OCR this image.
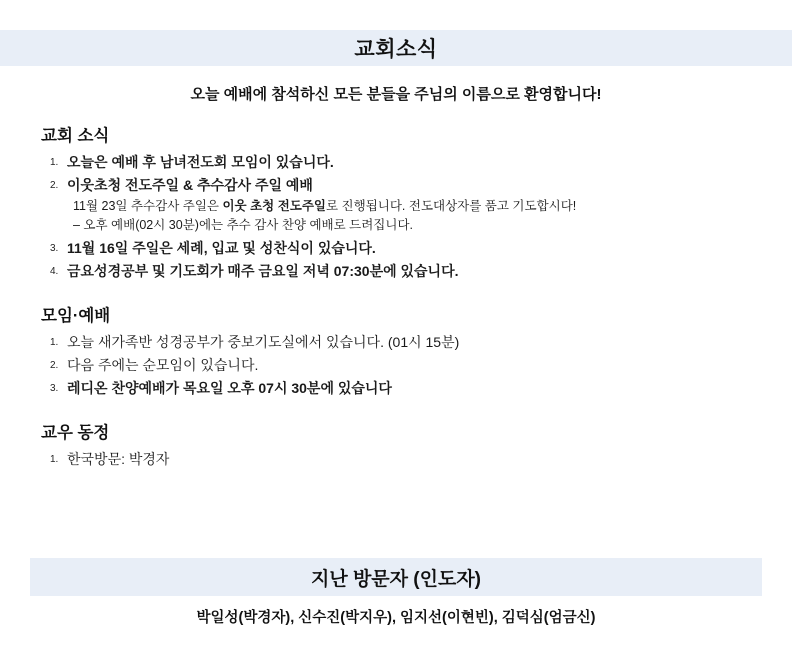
교회소식
오늘 예배에 참석하신 모든 분들을 주님의 이름으로 환영합니다!
교회 소식
1. 오늘은 예배 후 남녀전도회 모임이 있습니다.
2. 이웃초청 전도주일 & 추수감사 주일 예배
11월 23일 추수감사 주일은 이웃 초청 전도주일로 진행됩니다. 전도대상자를 품고 기도합시다!
– 오후 예배(02시 30분)에는 추수 감사 찬양 예배로 드려집니다.
3. 11월 16일 주일은 세례, 입교 및 성찬식이 있습니다.
4. 금요성경공부 및 기도회가 매주 금요일 저녁 07:30분에 있습니다.
모임·예배
1. 오늘 새가족반 성경공부가 중보기도실에서 있습니다. (01시 15분)
2. 다음 주에는 순모임이 있습니다.
3. 레디온 찬양예배가 목요일 오후 07시 30분에 있습니다
교우 동정
1. 한국방문: 박경자
지난 방문자 (인도자)
박일성(박경자), 신수진(박지우), 임지선(이현빈), 김덕심(엄금신)
